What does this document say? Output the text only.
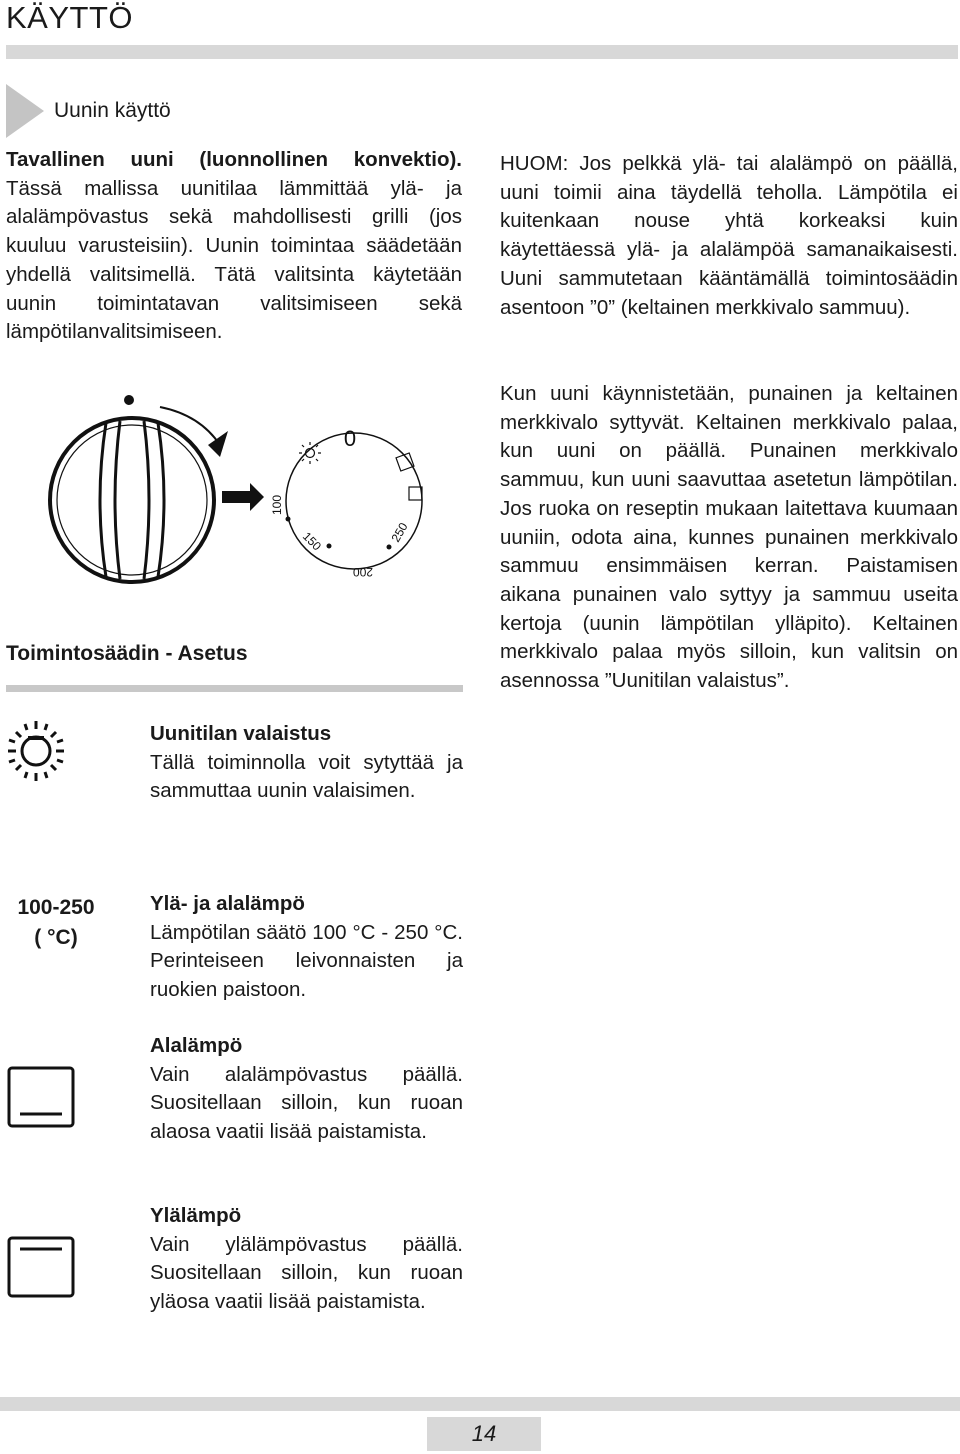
KÄYTTÖ
Uunin käyttö

Tavallinen uuni (luonnollinen konvektio). Tässä mallissa uunitilaa lämmittää ylä- ja alalämpövastus sekä mahdollisesti grilli (jos kuuluu varusteisiin). Uunin toimintaa säädetään yhdellä valitsimellä. Tätä valitsinta käytetään uunin toimintatavan valitsimiseen sekä lämpötilanvalitsimiseen.

0
100
150
200
250
Toimintosäädin - Asetus

Uunitilan valaistus
Tällä toiminnolla voit sytyttää ja sammuttaa uunin valaisimen.

100-250
( °C)

Ylä- ja alalämpö
Lämpötilan säätö 100 °C - 250 °C. Perinteiseen leivonnaisten ja ruokien paistoon.

Alalämpö
Vain alalämpövastus päällä. Suositellaan silloin, kun ruoan alaosa vaatii lisää paistamista.

Ylälämpö
Vain ylälämpövastus päällä. Suositellaan silloin, kun ruoan yläosa vaatii lisää paistamista.

HUOM: Jos pelkkä ylä- tai alalämpö on päällä, uuni toimii aina täydellä teholla. Lämpötila ei kuitenkaan nouse yhtä korkeaksi kuin käytettäessä ylä- ja alalämpöä samanaikaisesti. Uuni sammutetaan kääntämällä toimintosäädin asentoon ”0” (keltainen merkkivalo sammuu).

Kun uuni käynnistetään, punainen ja keltainen merkkivalo syttyvät. Keltainen merkkivalo palaa, kun uuni on päällä. Punainen merkkivalo sammuu, kun uuni saavuttaa asetetun lämpötilan. Jos ruoka on reseptin mukaan laitettava kuumaan uuniin, odota aina, kunnes punainen merkkivalo sammuu ensimmäisen kerran. Paistamisen aikana punainen valo syttyy ja sammuu useita kertoja (uunin lämpötilan ylläpito). Keltainen merkkivalo palaa myös silloin, kun valitsin on asennossa ”Uunitilan valaistus”.

14
